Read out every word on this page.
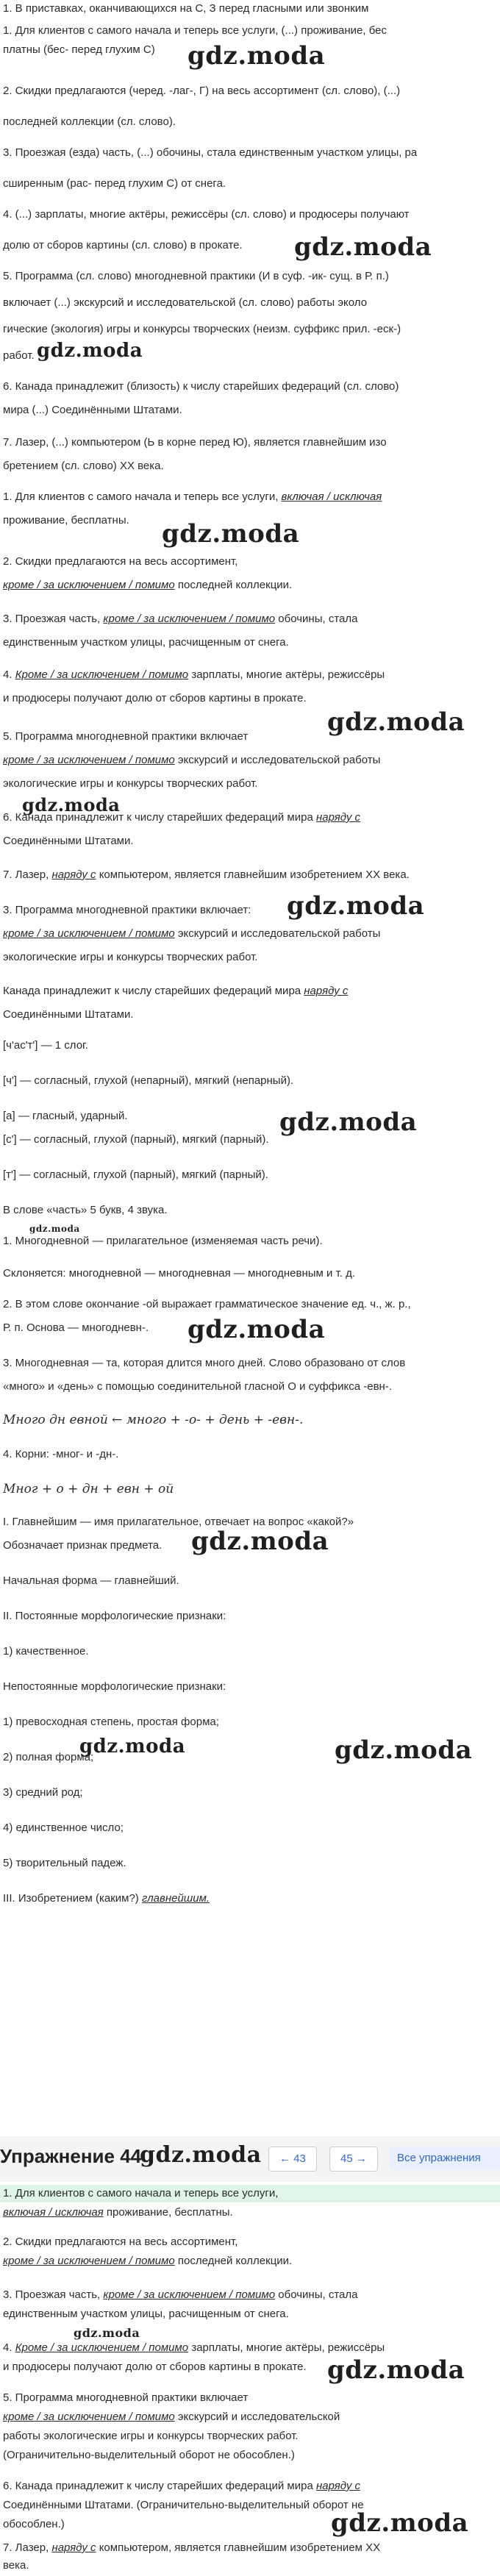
1. В приставках, оканчивающихся на С, З перед гласными или звонким
1. Для клиентов с самого начала и теперь все услуги, (...) проживание, бес
платны (бес- перед глухим С)	gdz.moda
2. Скидки предлагаются (черед. -лаг-, Г) на весь ассортимент (сл. слово), (...)
последней коллекции (сл. слово).
3. Проезжая (езда) часть, (...) обочины, стала единственным участком улицы, ра
сширенным (рас- перед глухим С) от снега.
4. (...) зарплаты, многие актёры, режиссёры (сл. слово) и продюсеры получают
долю от сборов картины (сл. слово) в прокате.	gdz.moda
5. Программа (сл. слово) многодневной практики (И в суф. -ик- сущ. в Р. п.)
включает (...) экскурсий и исследовательской (сл. слово) работы эколо
гические (экология) игры и конкурсы творческих (неизм. суффикс прил. -еск-)
работ. gdz.moda
6. Канада принадлежит (близость) к числу старейших федераций (сл. слово)
мира (...) Соединёнными Штатами.
7. Лазер, (...) компьютером (Ь в корне перед Ю), является главнейшим изо
бретением (сл. слово) XX века.
1. Для клиентов с самого начала и теперь все услуги, включая / исключая
проживание, бесплатны.	gdz.moda
2. Скидки предлагаются на весь ассортимент,
кроме / за исключением / помимо последней коллекции.
3. Проезжая часть, кроме / за исключением / помимо обочины, стала
единственным участком улицы, расчищенным от снега.
4. Кроме / за исключением / помимо зарплаты, многие актёры, режиссёры
и продюсеры получают долю от сборов картины в прокате.
gdz.moda
5. Программа многодневной практики включает
кроме / за исключением / помимо экскурсий и исследовательской работы
экологические игры и конкурсы творческих работ.
gdz.moda
6. Канада принадлежит к числу старейших федераций мира наряду с
Соединёнными Штатами.
7. Лазер, наряду с компьютером, является главнейшим изобретением XX века.
gdz.moda
3. Программа многодневной практики включает:
кроме / за исключением / помимо экскурсий и исследовательской работы
экологические игры и конкурсы творческих работ.
Канада принадлежит к числу старейших федераций мира наряду с
Соединёнными Штатами.
[ч'ас'т'] — 1 слог.
[ч'] — согласный, глухой (непарный), мягкий (непарный).
[а] — гласный, ударный.	gdz.moda
[с'] — согласный, глухой (парный), мягкий (парный).
[т'] — согласный, глухой (парный), мягкий (парный).
В слове «часть» 5 букв, 4 звука.
gdz.moda
1. Многодневной — прилагательное (изменяемая часть речи).
Склоняется: многодневной — многодневная — многодневным и т. д.
2. В этом слове окончание -ой выражает грамматическое значение ед. ч., ж. р.,
Р. п. Основа — многодневн-.	gdz.moda
3. Многодневная — та, которая длится много дней. Слово образовано от слов
«много» и «день» с помощью соединительной гласной О и суффикса -евн-.
Много дн евной ← много + -о- + день + -евн-.
4. Корни: -мног- и -дн-.
Мног + о + дн + евн + ой
I. Главнейшим — имя прилагательное, отвечает на вопрос «какой?»
Обозначает признак предмета.	gdz.moda
Начальная форма — главнейший.
II. Постоянные морфологические признаки:
1) качественное.
Непостоянные морфологические признаки:
1) превосходная степень, простая форма;
2) полная форма;
gdz.moda	gdz.moda
3) средний род;
4) единственное число;
5) творительный падеж.
III. Изобретением (каким?) главнейшим.
Упражнение 44
gdz.moda	← 43	45 →	Все упражнения
1. Для клиентов с самого начала и теперь все услуги,
включая / исключая проживание, бесплатны.
2. Скидки предлагаются на весь ассортимент,
кроме / за исключением / помимо последней коллекции.
3. Проезжая часть, кроме / за исключением / помимо обочины, стала
единственным участком улицы, расчищенным от снега.
gdz.moda
4. Кроме / за исключением / помимо зарплаты, многие актёры, режиссёры
и продюсеры получают долю от сборов картины в прокате. gdz.moda
5. Программа многодневной практики включает
кроме / за исключением / помимо экскурсий и исследовательской
работы экологические игры и конкурсы творческих работ.
(Ограничительно-выделительный оборот не обособлен.)
6. Канада принадлежит к числу старейших федераций мира наряду с
Соединёнными Штатами. (Ограничительно-выделительный оборот не
обособлен.)	gdz.moda
7. Лазер, наряду с компьютером, является главнейшим изобретением XX
века.
